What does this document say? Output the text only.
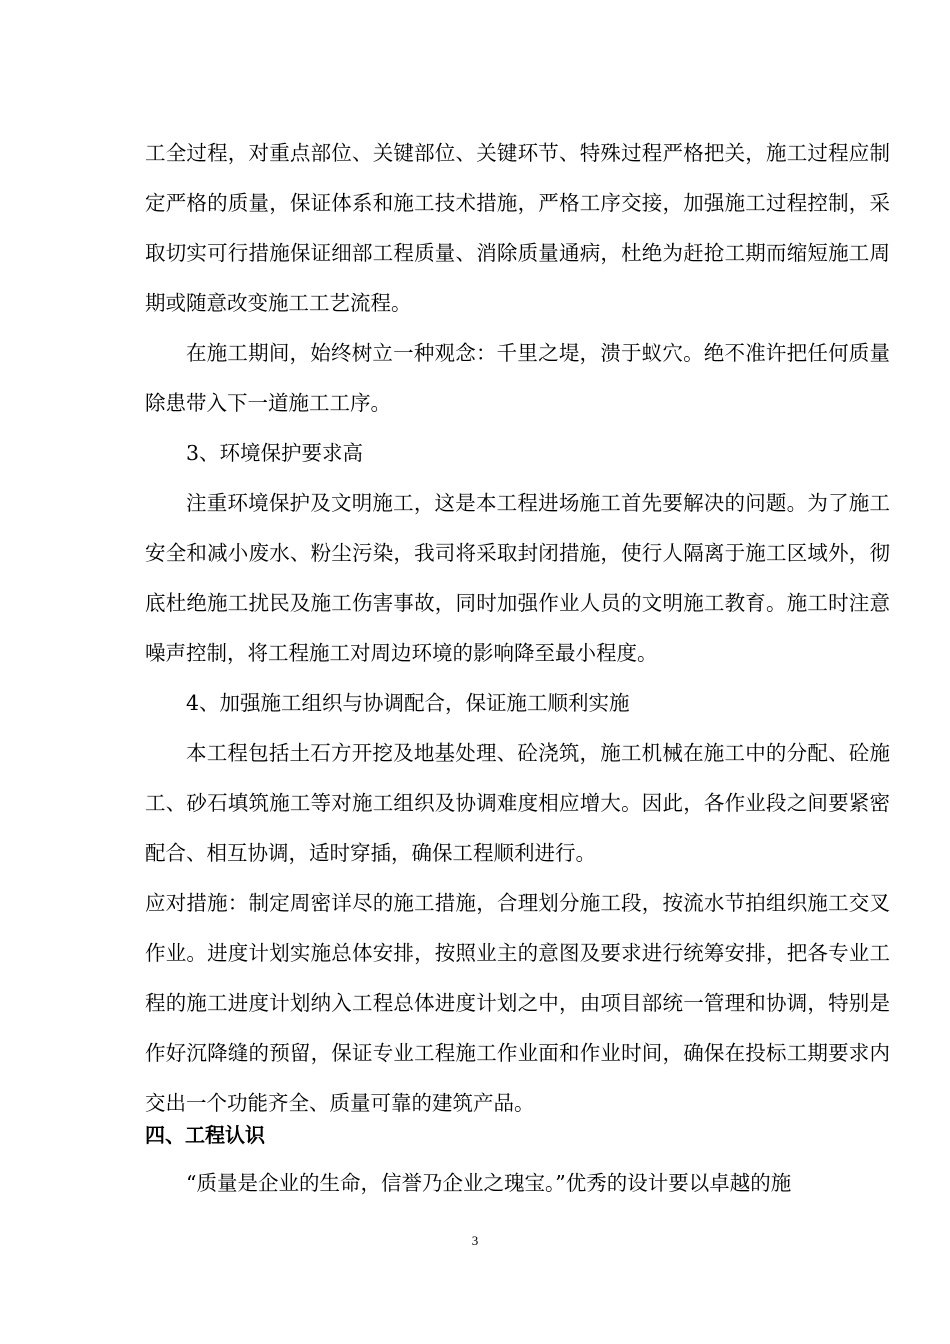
工全过程，对重点部位、关键部位、关键环节、特殊过程严格把关，施工过程应制定严格的质量，保证体系和施工技术措施，严格工序交接，加强施工过程控制，采取切实可行措施保证细部工程质量、消除质量通病，杜绝为赶抢工期而缩短施工周期或随意改变施工工艺流程。

在施工期间，始终树立一种观念：千里之堤，溃于蚁穴。绝不准许把任何质量除患带入下一道施工工序。

3、环境保护要求高

注重环境保护及文明施工，这是本工程进场施工首先要解决的问题。为了施工安全和减小废水、粉尘污染，我司将采取封闭措施，使行人隔离于施工区域外，彻底杜绝施工扰民及施工伤害事故，同时加强作业人员的文明施工教育。施工时注意噪声控制，将工程施工对周边环境的影响降至最小程度。

4、加强施工组织与协调配合，保证施工顺利实施

本工程包括土石方开挖及地基处理、砼浇筑，施工机械在施工中的分配、砼施工、砂石填筑施工等对施工组织及协调难度相应增大。因此，各作业段之间要紧密配合、相互协调，适时穿插，确保工程顺利进行。

应对措施：制定周密详尽的施工措施，合理划分施工段，按流水节拍组织施工交叉作业。进度计划实施总体安排，按照业主的意图及要求进行统筹安排，把各专业工程的施工进度计划纳入工程总体进度计划之中，由项目部统一管理和协调，特别是作好沉降缝的预留，保证专业工程施工作业面和作业时间，确保在投标工期要求内交出一个功能齐全、质量可靠的建筑产品。

四、工程认识

“质量是企业的生命，信誉乃企业之瑰宝。”优秀的设计要以卓越的施

3
